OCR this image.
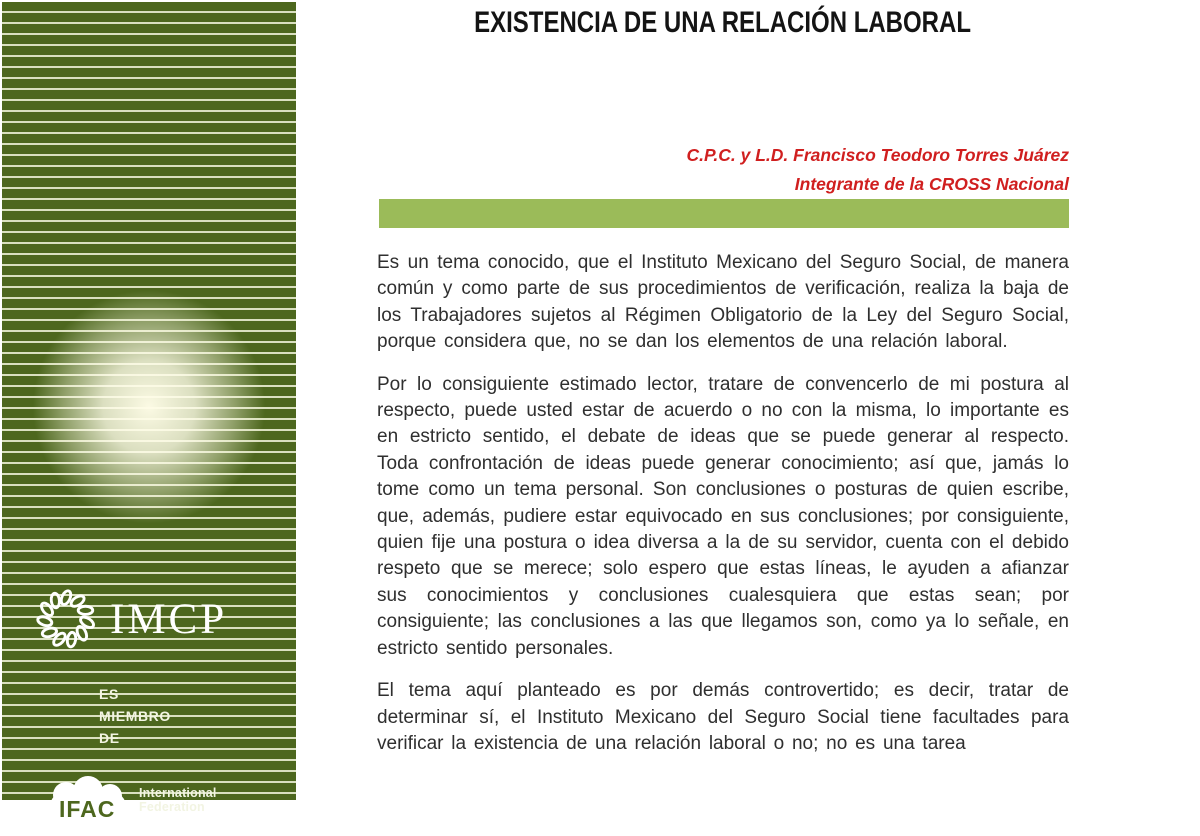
IMCP
ES
MIEMBRO
DE
IFAC
International
Federation
EXISTENCIA DE UNA RELACIÓN LABORAL
C.P.C. y L.D. Francisco Teodoro Torres Juárez
Integrante de la CROSS Nacional

Es un tema conocido, que el Instituto Mexicano del Seguro Social, de manera común y como parte de sus procedimientos de verificación, realiza la baja de los Trabajadores sujetos al Régimen Obligatorio de la Ley del Seguro Social, porque considera que, no se dan los elementos de una relación laboral.

Por lo consiguiente estimado lector, tratare de convencerlo de mi postura al respecto, puede usted estar de acuerdo o no con la misma, lo importante es en estricto sentido, el debate de ideas que se puede generar al respecto. Toda confrontación de ideas puede generar conocimiento; así que, jamás lo tome como un tema personal. Son conclusiones o posturas de quien escribe, que, además, pudiere estar equivocado en sus conclusiones; por consiguiente, quien fije una postura o idea diversa a la de su servidor, cuenta con el debido respeto que se merece; solo espero que estas líneas, le ayuden a afianzar sus conocimientos y conclusiones cualesquiera que estas sean; por consiguiente; las conclusiones a las que llegamos son, como ya lo señale, en estricto sentido personales.

El tema aquí planteado es por demás controvertido; es decir, tratar de determinar sí, el Instituto Mexicano del Seguro Social tiene facultades para verificar la existencia de una relación laboral o no; no es una tarea
